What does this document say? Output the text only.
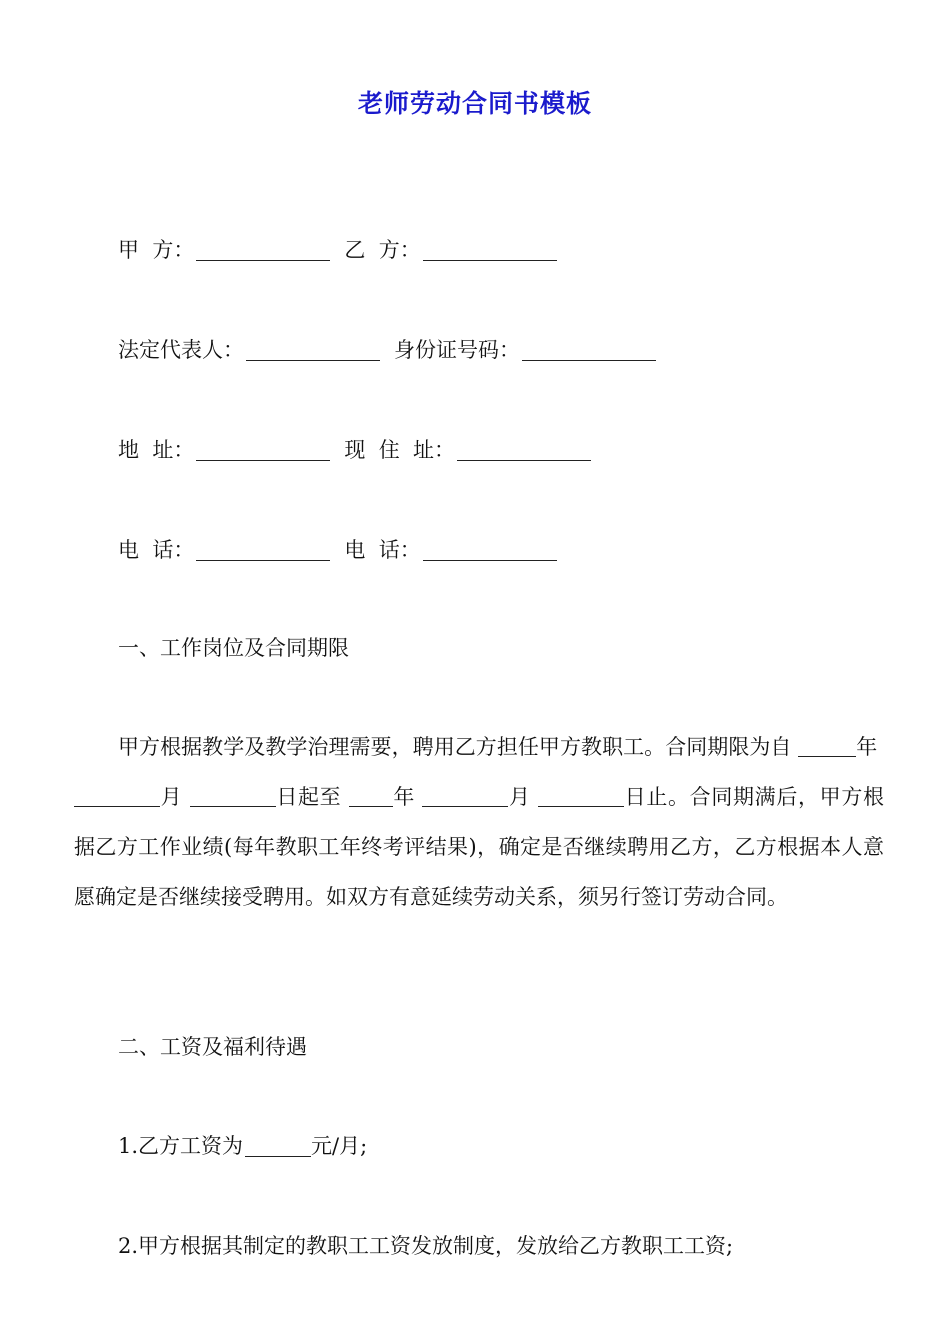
老师劳动合同书模板
甲  方：	乙  方：
法定代表人：	身份证号码：
地  址：	现  住  址：
电  话：	电  话：
一、工作岗位及合同期限
甲方根据教学及教学治理需要，聘用乙方担任甲方教职工。合同期限为自	年 月	日起至 年	月	日止。合同期满后，甲方根据乙方工作业绩(每年教职工年终考评结果)，确定是否继续聘用乙方，乙方根据本人意愿确定是否继续接受聘用。如双方有意延续劳动关系，须另行签订劳动合同。
二、工资及福利待遇
1.乙方工资为	元/月;
2.甲方根据其制定的教职工工资发放制度，发放给乙方教职工工资;
